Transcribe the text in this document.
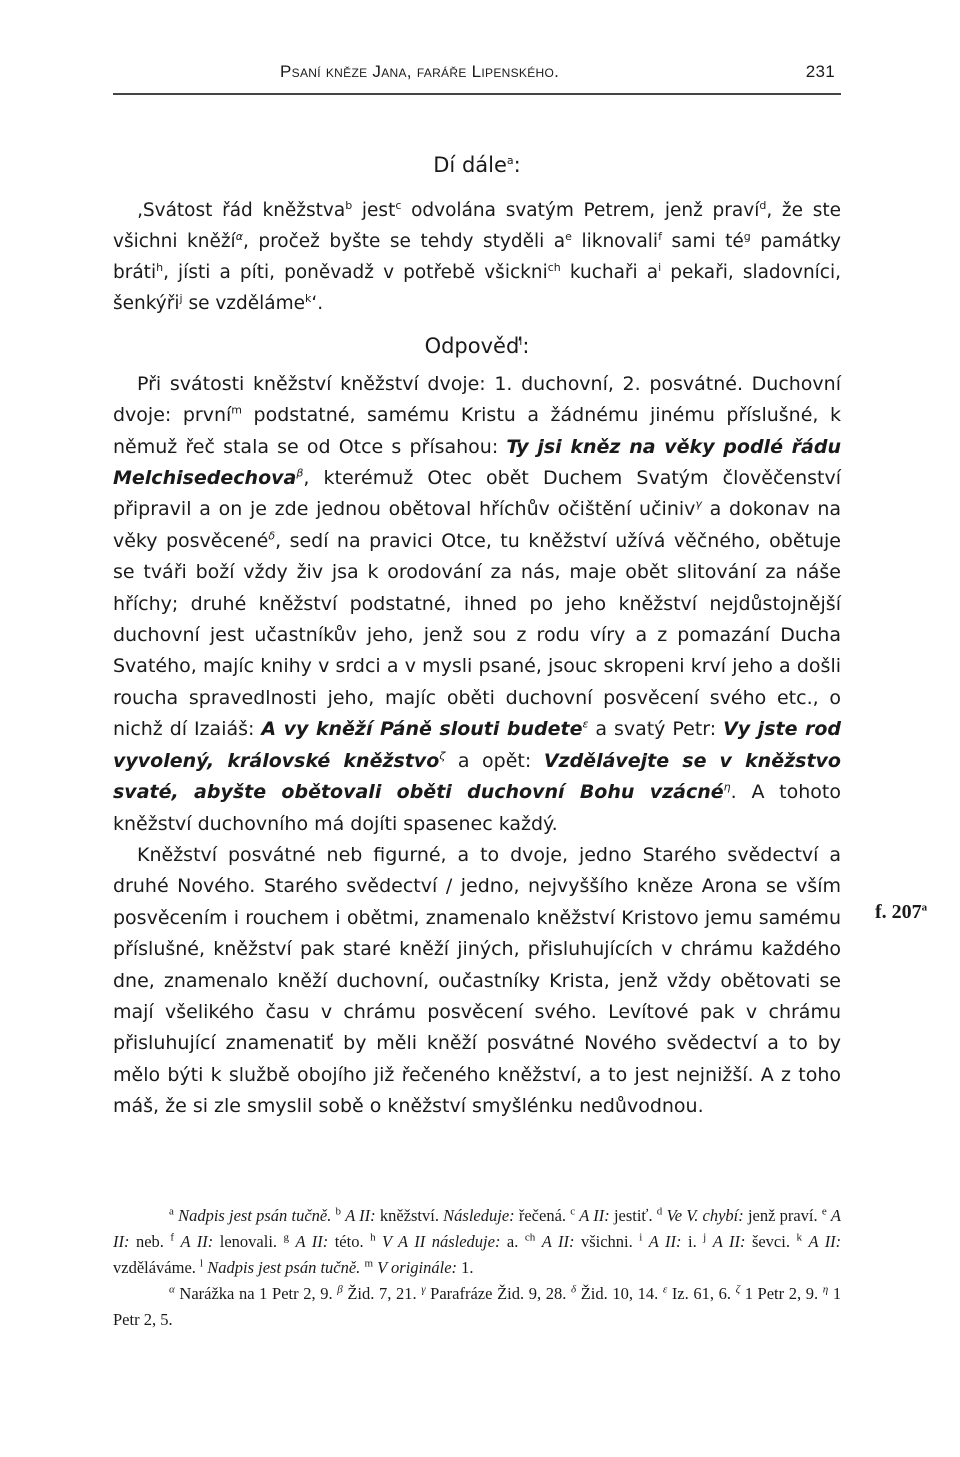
Psaní kněze Jana, faráře Lipenského.	231
Dí dále$^a$:

‚Svátost řád kněžstva$^b$ jest$^c$ odvolána svatým Petrem, jenž praví$^d$, že ste všichni kněží$^\alpha$, pročež byšte se tehdy styděli $a^e$ liknovali$^f$ sami $té^g$ památky bráti$^h$, jísti a píti, poněvadž v potřebě všickni$^{ch}$ kuchaři $a^i$ pekaři, sladovníci, šenkýři$^j$ se vzděláme$^k$‘.

Odpověď$^l$:

Při svátosti kněžství kněžství dvoje: 1. duchovní, 2. posvátné. Duchovní dvoje: první$^m$ podstatné, samému Kristu a žádnému jinému příslušné, k němuž řeč stala se od Otce s přísahou: Ty jsi kněz na věky podlé řádu Melchisedechova$^\beta$, kterémuž Otec obět Duchem Svatým člověčenství připravil a on je zde jednou obětoval hříchův očištění učiniv$^\gamma$ a dokonav na věky posvěcené$^\delta$, sedí na pravici Otce, tu kněžství užívá věčného, obětuje se tváři boží vždy živ jsa k orodování za nás, maje obět slitování za náše hříchy; druhé kněžství podstatné, ihned po jeho kněžství nejdůstojnější duchovní jest učastníkův jeho, jenž sou z rodu víry a z pomazání Ducha Svatého, majíc knihy v srdci a v mysli psané, jsouc skropeni krví jeho a došli roucha spravedlnosti jeho, majíc oběti duchovní posvěcení svého etc., o nichž dí Izaiáš: A vy kněží Páně slouti budete$^\varepsilon$ a svatý Petr: Vy jste rod vyvolený, královské kněžstvo$^\zeta$ a opět: Vzdělávejte se v kněžstvo svaté, abyšte obětovali oběti duchovní Bohu vzácné$^\eta$. A tohoto kněžství duchovního má dojíti spasenec každý.

Kněžství posvátné neb figurné, a to dvoje, jedno Starého svědectví a druhé Nového. Starého svědectví / jedno, nejvyššího kněze Arona se vším posvěcením i rouchem i obětmi, znamenalo kněžství Kristovo jemu samému příslušné, kněžství pak staré kněží jiných, přisluhujících v chrámu každého dne, znamenalo kněží duchovní, oučastníky Krista, jenž vždy obětovati se mají všelikého času v chrámu posvěcení svého. Levítové pak v chrámu přisluhující znamenatiť by měli kněží posvátné Nového svědectví a to by mělo býti k službě obojího již řečeného kněžství, a to jest nejnižší. A z toho máš, že si zle smyslil sobě o kněžství smyšlénku nedůvodnou.

$^a$ Nadpis jest psán tučně. $^b$ A II: kněžství. Následuje: řečená. $^c$ A II: jestiť. $^d$ Ve V. chybí: jenž praví. $^e$ A II: neb. $^f$ A II: lenovali. $^g$ A II: této. $^h$ V A II následuje: a. $^{ch}$ A II: všichni. $^i$ A II: i. $^j$ A II: ševci. $^k$ A II: vzděláváme. $^l$ Nadpis jest psán tučně. $^m$ V originále: 1.

$^\alpha$ Narážka na 1 Petr 2, 9. $^\beta$ Žid. 7, 21. $^\gamma$ Parafráze Žid. 9, 28. $^\delta$ Žid. 10, 14. $^\varepsilon$ Iz. 61, 6. $^\zeta$ 1 Petr 2, 9. $^\eta$ 1 Petr 2, 5.

f. 207$^a$
